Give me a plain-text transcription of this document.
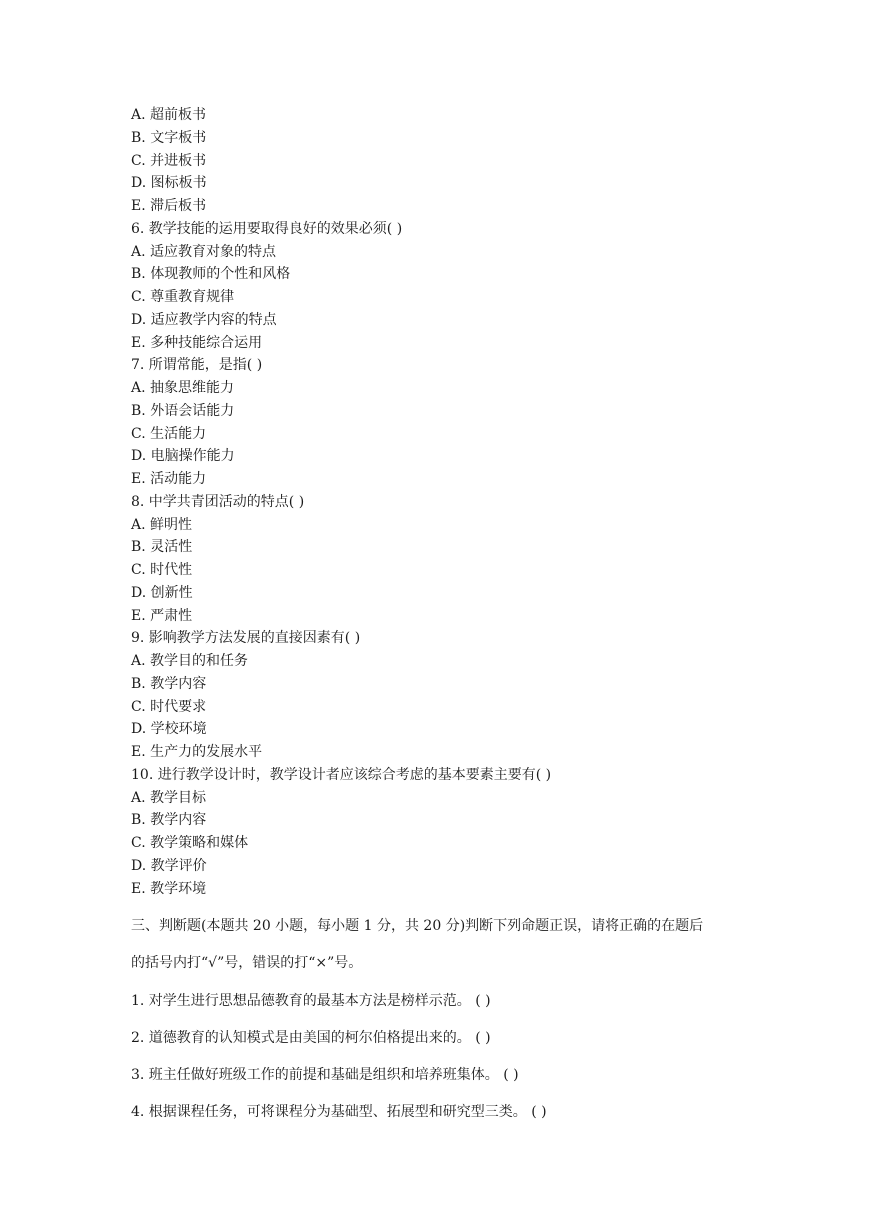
A. 超前板书
B. 文字板书
C. 并进板书
D. 图标板书
E. 滞后板书
6. 教学技能的运用要取得良好的效果必须( )
A. 适应教育对象的特点
B. 体现教师的个性和风格
C. 尊重教育规律
D. 适应教学内容的特点
E. 多种技能综合运用
7. 所谓常能，是指( )
A. 抽象思维能力
B. 外语会话能力
C. 生活能力
D. 电脑操作能力
E. 活动能力
8. 中学共青团活动的特点( )
A. 鲜明性
B. 灵活性
C. 时代性
D. 创新性
E. 严肃性
9. 影响教学方法发展的直接因素有( )
A. 教学目的和任务
B. 教学内容
C. 时代要求
D. 学校环境
E. 生产力的发展水平
10. 进行教学设计时，教学设计者应该综合考虑的基本要素主要有( )
A. 教学目标
B. 教学内容
C. 教学策略和媒体
D. 教学评价
E. 教学环境
三、判断题(本题共 20 小题，每小题 1 分，共 20 分)判断下列命题正误，请将正确的在题后
的括号内打“√”号，错误的打“×”号。
1. 对学生进行思想品德教育的最基本方法是榜样示范。 ( )
2. 道德教育的认知模式是由美国的柯尔伯格提出来的。 ( )
3. 班主任做好班级工作的前提和基础是组织和培养班集体。 ( )
4. 根据课程任务，可将课程分为基础型、拓展型和研究型三类。 ( )
